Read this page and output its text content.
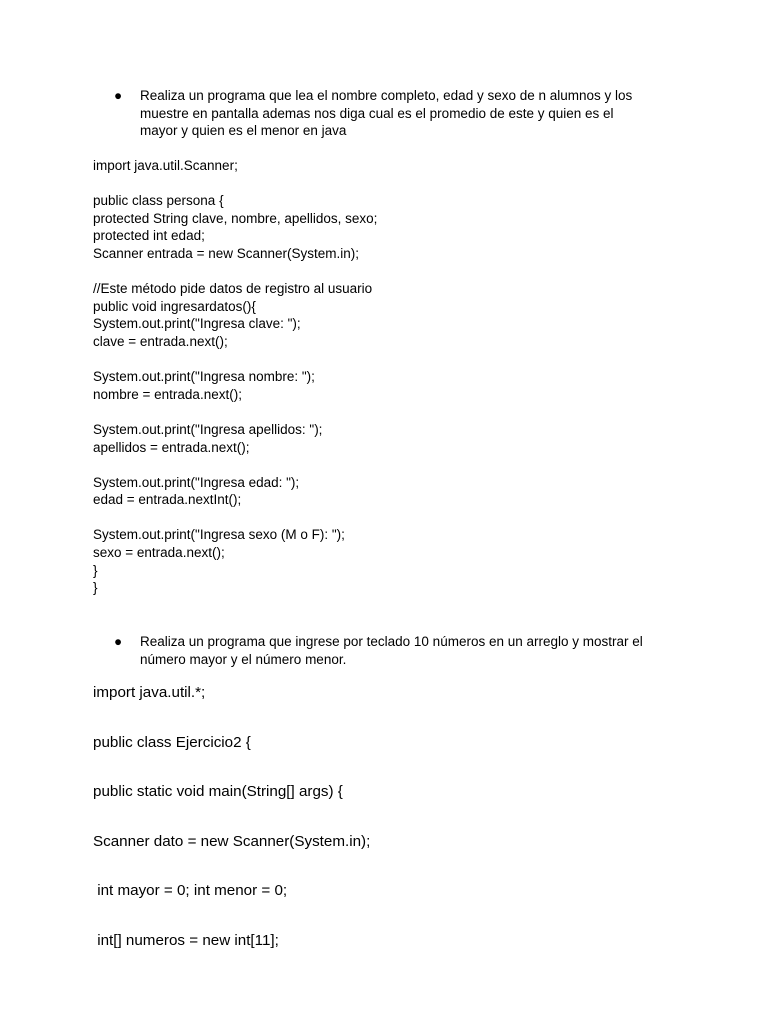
● Realiza un programa que lea el nombre completo, edad y sexo de n alumnos y los
muestre en pantalla ademas nos diga cual es el promedio de este y quien es el
mayor y quien es el menor en java
import java.util.Scanner;
public class persona {
protected String clave, nombre, apellidos, sexo;
protected int edad;
Scanner entrada = new Scanner(System.in);
//Este método pide datos de registro al usuario
public void ingresardatos(){
System.out.print("Ingresa clave: ");
clave = entrada.next();
System.out.print("Ingresa nombre: ");
nombre = entrada.next();
System.out.print("Ingresa apellidos: ");
apellidos = entrada.next();
System.out.print("Ingresa edad: ");
edad = entrada.nextInt();
System.out.print("Ingresa sexo (M o F): ");
sexo = entrada.next();
}
}
● Realiza un programa que ingrese por teclado 10 números en un arreglo y mostrar el
número mayor y el número menor.
import java.util.*;
public class Ejercicio2 {
public static void main(String[] args) {
Scanner dato = new Scanner(System.in);
int mayor = 0; int menor = 0;
int[] numeros = new int[11];
